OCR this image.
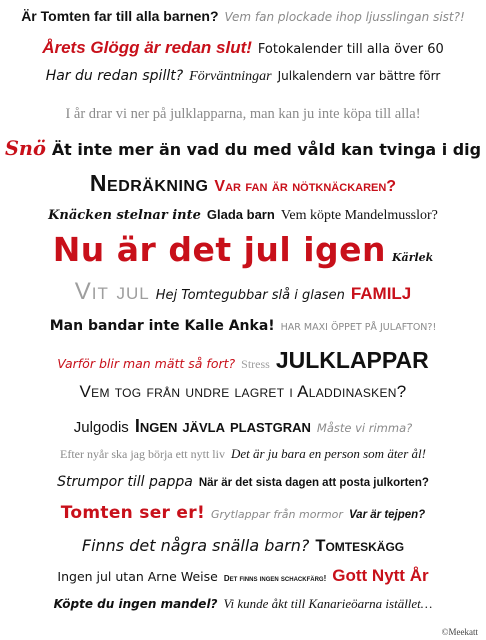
Är Tomten far till alla barnen? Vem fan plockade ihop ljusslingan sist?!
Årets Glögg är redan slut! Fotokalender till alla över 60
Har du redan spillt? Förväntningar Julkalendern var bättre förr
I år drar vi ner på julklapparna, man kan ju inte köpa till alla!
Snö Ät inte mer än vad du med våld kan tvinga i dig
Nedräkning Var fan är nötknäckaren?
Knäcken stelnar inte Glada barn Vem köpte Mandelmusslor?
Nu är det jul igen Kärlek
Vit jul Hej Tomtegubbar slå i glasen FAMILJ
Man bandar inte Kalle Anka! HAR MAXI ÖPPET PÅ JULAFTON?!
Varför blir man mätt så fort? Stress JULKLAPPAR
Vem tog från undre lagret i Aladdinasken?
Julgodis Ingen jävla plastgran Måste vi rimma?
Efter nyår ska jag börja ett nytt liv Det är ju bara en person som äter ål!
Strumpor till pappa När är det sista dagen att posta julkorten?
Tomten ser er! Grytlappar från mormor Var är tejpen?
Finns det några snälla barn? Tomteskägg
Ingen jul utan Arne Weise Det finns ingen schackfärg! Gott Nytt År
Köpte du ingen mandel? Vi kunde åkt till Kanarieöarna istället…
©Meekatt
